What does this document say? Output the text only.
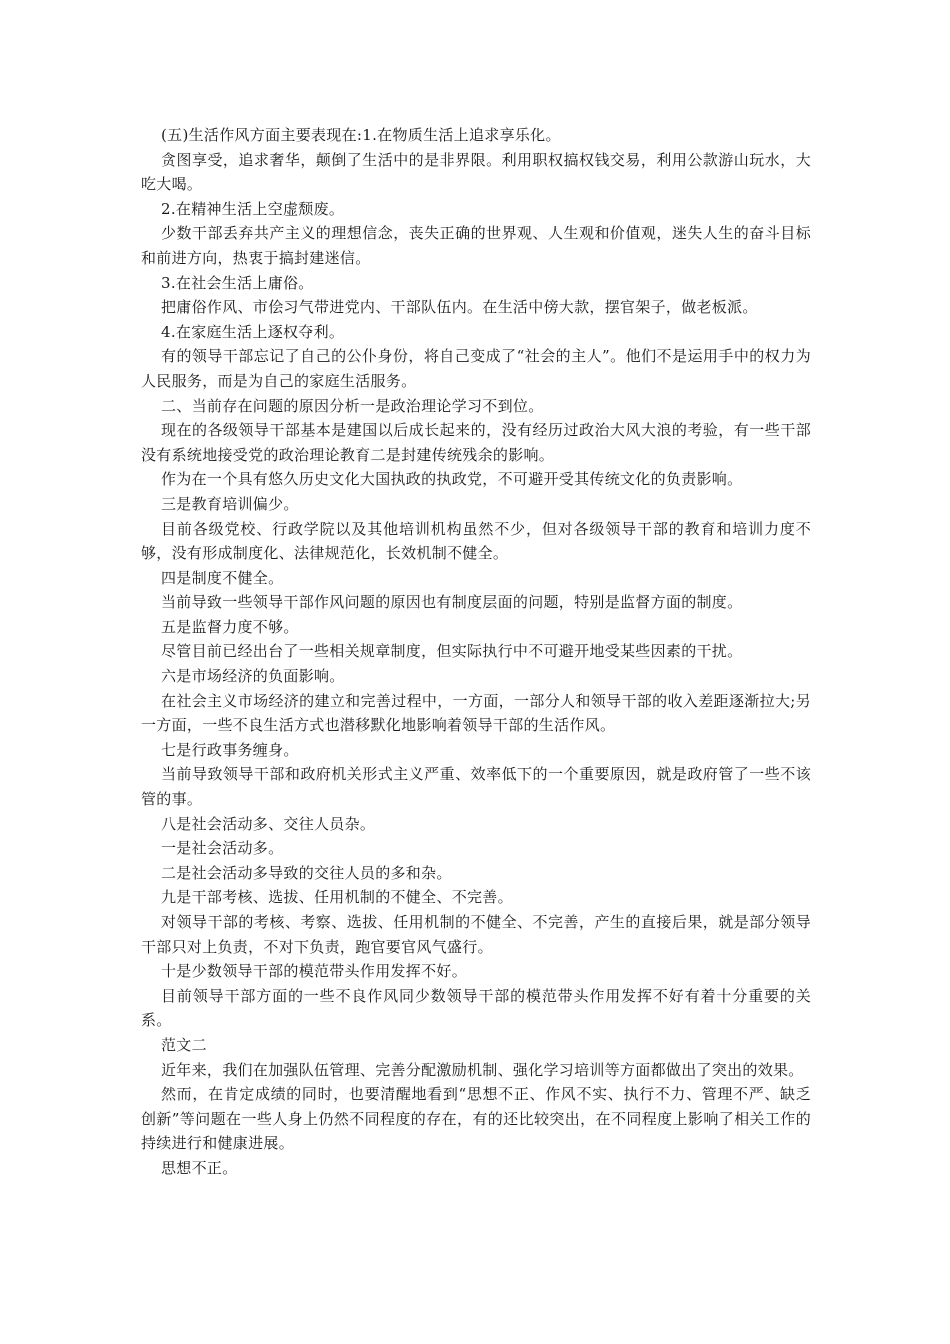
(五)生活作风方面主要表现在:1.在物质生活上追求享乐化。

贪图享受，追求奢华，颠倒了生活中的是非界限。利用职权搞权钱交易，利用公款游山玩水，大吃大喝。

2.在精神生活上空虚颓废。

少数干部丢弃共产主义的理想信念，丧失正确的世界观、人生观和价值观，迷失人生的奋斗目标和前进方向，热衷于搞封建迷信。

3.在社会生活上庸俗。

把庸俗作风、市侩习气带进党内、干部队伍内。在生活中傍大款，摆官架子，做老板派。

4.在家庭生活上逐权夺利。

有的领导干部忘记了自己的公仆身份，将自己变成了“社会的主人”。他们不是运用手中的权力为人民服务，而是为自己的家庭生活服务。

二、当前存在问题的原因分析一是政治理论学习不到位。

现在的各级领导干部基本是建国以后成长起来的，没有经历过政治大风大浪的考验，有一些干部没有系统地接受党的政治理论教育二是封建传统残余的影响。

作为在一个具有悠久历史文化大国执政的执政党，不可避开受其传统文化的负责影响。

三是教育培训偏少。

目前各级党校、行政学院以及其他培训机构虽然不少，但对各级领导干部的教育和培训力度不够，没有形成制度化、法律规范化，长效机制不健全。

四是制度不健全。

当前导致一些领导干部作风问题的原因也有制度层面的问题，特别是监督方面的制度。

五是监督力度不够。

尽管目前已经出台了一些相关规章制度，但实际执行中不可避开地受某些因素的干扰。

六是市场经济的负面影响。

在社会主义市场经济的建立和完善过程中，一方面，一部分人和领导干部的收入差距逐渐拉大;另一方面，一些不良生活方式也潜移默化地影响着领导干部的生活作风。

七是行政事务缠身。

当前导致领导干部和政府机关形式主义严重、效率低下的一个重要原因，就是政府管了一些不该管的事。

八是社会活动多、交往人员杂。

一是社会活动多。

二是社会活动多导致的交往人员的多和杂。

九是干部考核、选拔、任用机制的不健全、不完善。

对领导干部的考核、考察、选拔、任用机制的不健全、不完善，产生的直接后果，就是部分领导干部只对上负责，不对下负责，跑官要官风气盛行。

十是少数领导干部的模范带头作用发挥不好。

目前领导干部方面的一些不良作风同少数领导干部的模范带头作用发挥不好有着十分重要的关系。

范文二

近年来，我们在加强队伍管理、完善分配激励机制、强化学习培训等方面都做出了突出的效果。

然而，在肯定成绩的同时，也要清醒地看到“思想不正、作风不实、执行不力、管理不严、缺乏创新”等问题在一些人身上仍然不同程度的存在，有的还比较突出，在不同程度上影响了相关工作的持续进行和健康进展。

思想不正。
